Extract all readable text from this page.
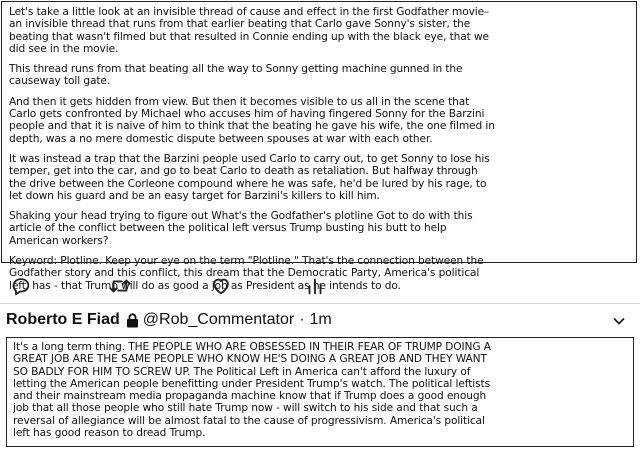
Let's take a little look at an invisible thread of cause and effect in the first Godfather movie–
an invisible thread that runs from that earlier beating that Carlo gave Sonny's sister, the
beating that wasn't filmed but that resulted in Connie ending up with the black eye, that we
did see in the movie.

This thread runs from that beating all the way to Sonny getting machine gunned in the
causeway toll gate.

And then it gets hidden from view. But then it becomes visible to us all in the scene that
Carlo gets confronted by Michael who accuses him of having fingered Sonny for the Barzini
people and that it is naive of him to think that the beating he gave his wife, the one filmed in
depth, was a no mere domestic dispute between spouses at war with each other.

It was instead a trap that the Barzini people used Carlo to carry out, to get Sonny to lose his
temper, get into the car, and go to beat Carlo to death as retaliation. But halfway through
the drive between the Corleone compound where he was safe, he'd be lured by his rage, to
let down his guard and be an easy target for Barzini's killers to kill him.

Shaking your head trying to figure out What's the Godfather's plotline Got to do with this
article of the conflict between the political left versus Trump busting his butt to help
American workers?

Keyword: Plotline. Keep your eye on the term "Plotline." That's the connection between the
Godfather story and this conflict, this dream that the Democratic Party, America's political
left, has - that Trump will do as good a job as President as he intends to do.

Roberto E Fiad @Rob_Commentator · 1m

It's a long term thing. THE PEOPLE WHO ARE OBSESSED IN THEIR FEAR OF TRUMP DOING A
GREAT JOB ARE THE SAME PEOPLE WHO KNOW HE'S DOING A GREAT JOB AND THEY WANT
SO BADLY FOR HIM TO SCREW UP. The Political Left in America can't afford the luxury of
letting the American people benefitting under President Trump's watch. The political leftists
and their mainstream media propaganda machine know that if Trump does a good enough
job that all those people who still hate Trump now - will switch to his side and that such a
reversal of allegiance will be almost fatal to the cause of progressivism. America's political
left has good reason to dread Trump.
